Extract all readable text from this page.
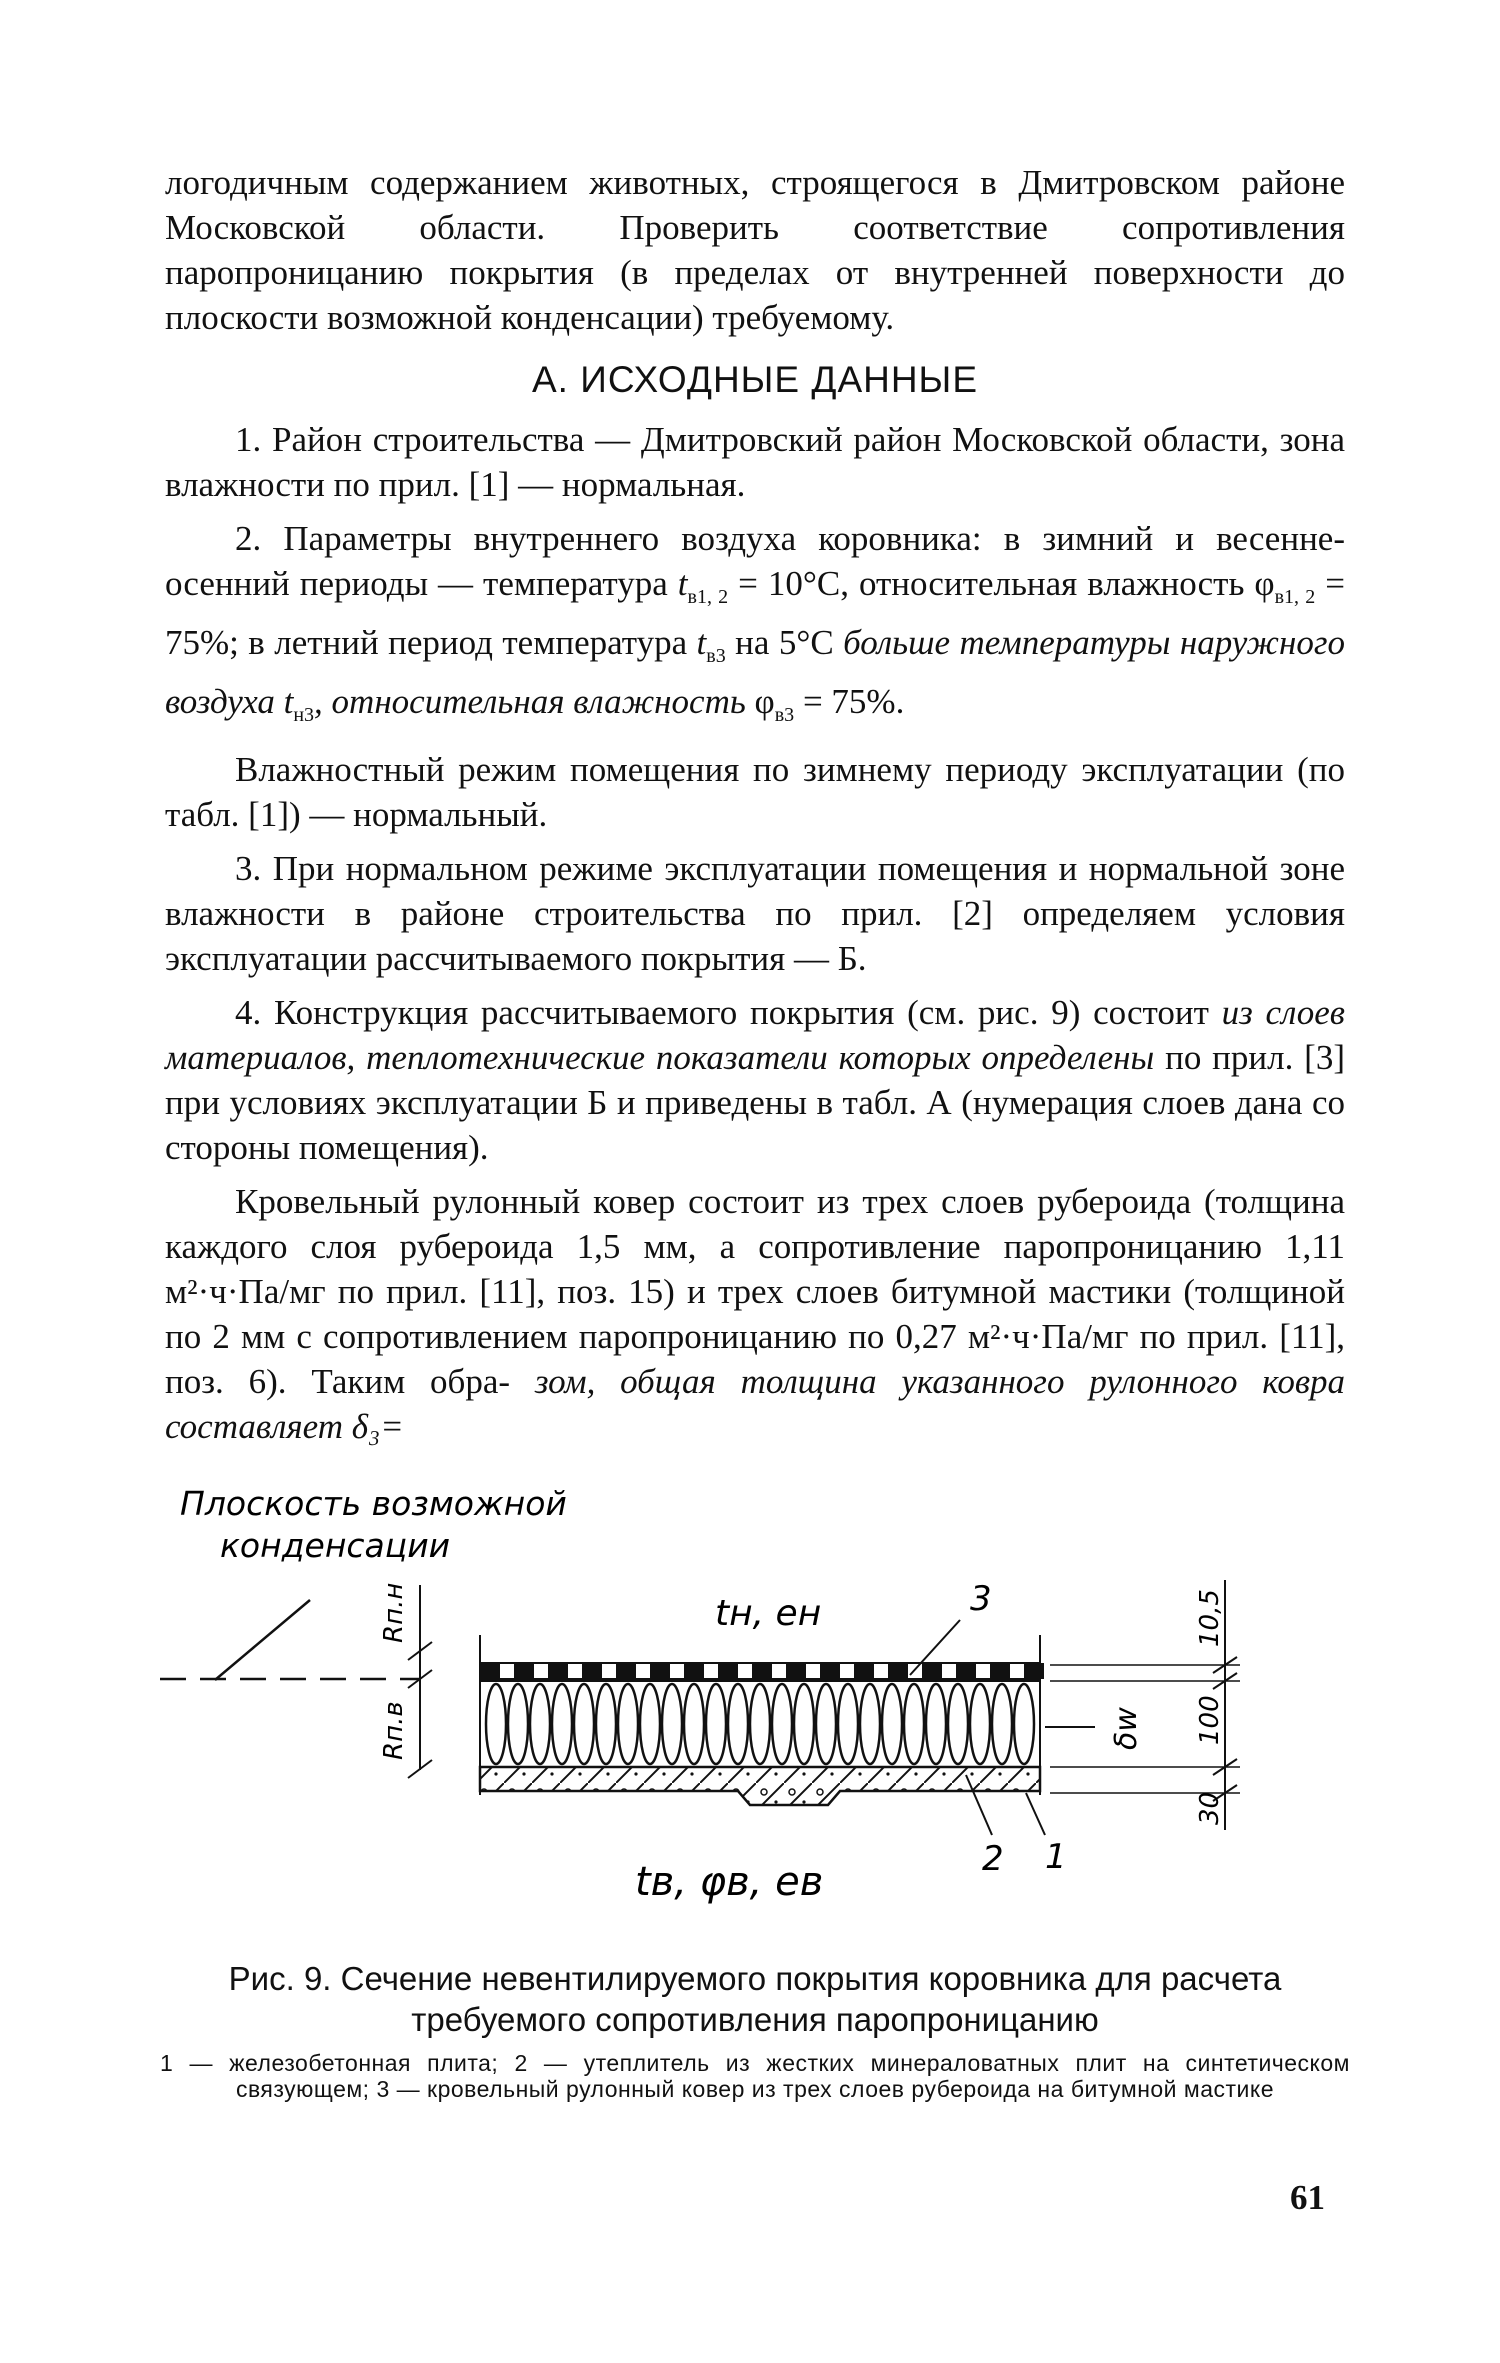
логодичным содержанием животных, строящегося в Дмитровском районе Московской области. Проверить соответствие сопротивления паропроницанию покрытия (в пределах от внутренней поверхности до плоскости возможной конденсации) требуемому.

А. ИСХОДНЫЕ ДАННЫЕ

1. Район строительства — Дмитровский район Московской области, зона влажности по прил. [1] — нормальная.

2. Параметры внутреннего воздуха коровника: в зимний и весенне-осенний периоды — температура $t_{в1, 2} = 10^\circ С$, относительная влажность $\varphi_{в1, 2} = 75\%$; в летний период температура $t_{в3}$ на 5°С больше температуры наружного воздуха $t_{н3}$, относительная влажность $\varphi_{в3} = 75\%$.

Влажностный режим помещения по зимнему периоду эксплуатации (по табл. [1]) — нормальный.

3. При нормальном режиме эксплуатации помещения и нормальной зоне влажности в районе строительства по прил. [2] определяем условия эксплуатации рассчитываемого покрытия — Б.

4. Конструкция рассчитываемого покрытия (см. рис. 9) состоит из слоев материалов, теплотехнические показатели которых определены по прил. [3] при условиях эксплуатации Б и приведены в табл. А (нумерация слоев дана со стороны помещения).

Кровельный рулонный ковер состоит из трех слоев рубероида (толщина каждого слоя рубероида 1,5 мм, а сопротивление паропроницанию 1,11 м²·ч·Па/мг по прил. [11], поз. 15) и трех слоев битумной мастики (толщиной по 2 мм с сопротивлением паропроницанию по 0,27 м²·ч·Па/мг по прил. [11], поз. 6). Таким обра- зом, общая толщина указанного рулонного ковра составляет δ₃=

Плоскость возможной
конденсации
tн, ен
tв, φв, ев
Rп.н
Rп.в
3
2 1
δw
10,5
100
30
Рис. 9. Сечение невентилируемого покрытия коровника для расчета
требуемого сопротивления паропроницанию
1 — железобетонная плита; 2 — утеплитель из жестких минераловатных плит на синтетическом связующем; 3 — кровельный рулонный ковер из трех слоев рубероида на битумной мастике
61
